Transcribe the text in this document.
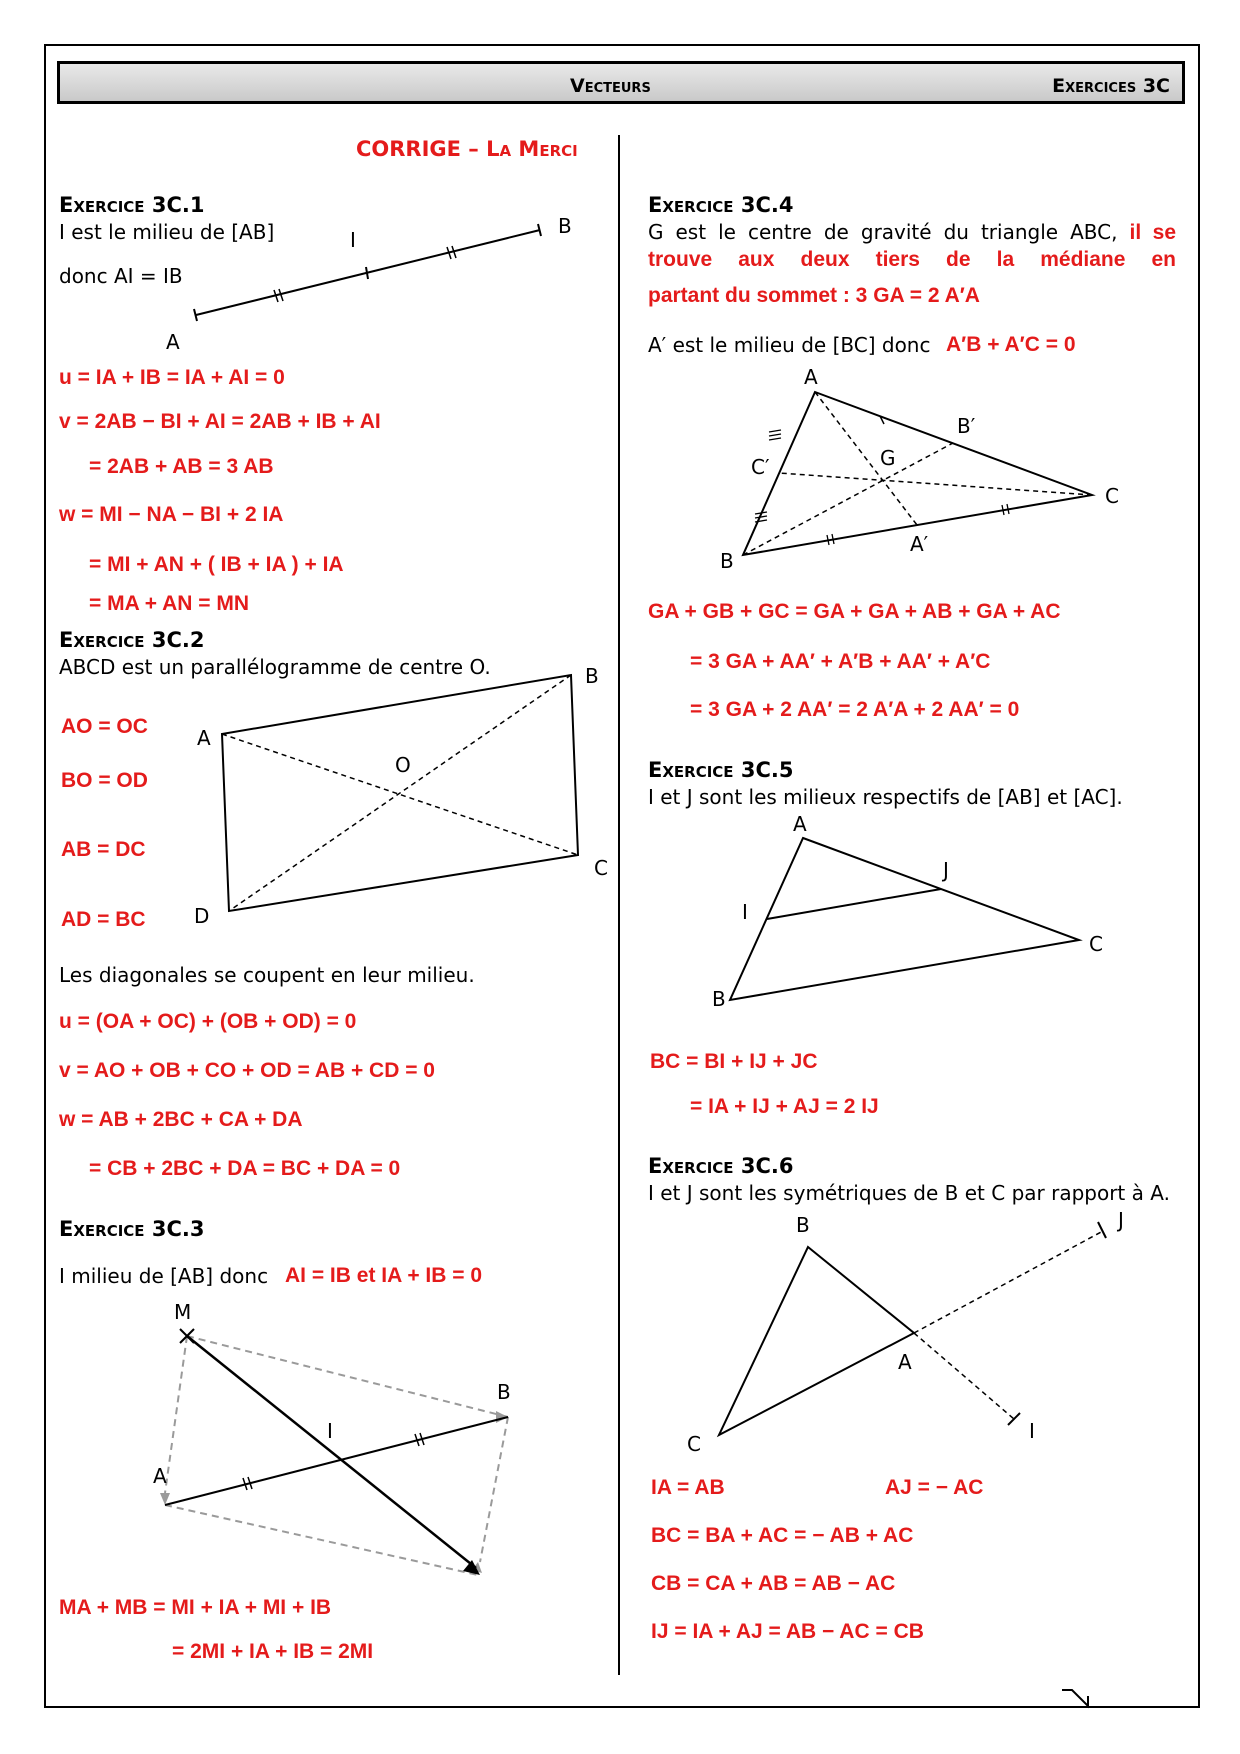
Vecteurs	Exercices 3C
CORRIGE – La Merci
Exercice 3C.1
I est le milieu de [AB]
donc AI = IB
A
B
I
u = IA + IB = IA + AI = 0
v = 2AB − BI + AI = 2AB + IB + AI
= 2AB + AB = 3 AB
w = MI − NA − BI + 2 IA
= MI + AN + ( IB + IA ) + IA
= MA + AN = MN
Exercice 3C.2
ABCD est un parallélogramme de centre O.
AO = OC
BO = OD
AB = DC
AD = BC
A
B
C
D
O
Les diagonales se coupent en leur milieu.
u = (OA + OC) + (OB + OD) = 0
v = AO + OB + CO + OD = AB + CD = 0
w = AB + 2BC + CA + DA
= CB + 2BC + DA = BC + DA = 0
Exercice 3C.3
I milieu de [AB] donc AI = IB et IA + IB = 0
M
A
B
I
MA + MB = MI + IA + MI + IB
= 2MI + IA + IB = 2MI
Exercice 3C.4
G est le centre de gravité du triangle ABC, il se
trouve aux deux tiers de la médiane en
partant du sommet : 3 GA = 2 A′A
A′ est le milieu de [BC] donc A′B + A′C = 0
A
B
C
G
A′
B′
C′
GA + GB + GC = GA + GA + AB + GA + AC
= 3 GA + AA′ + A′B + AA′ + A′C
= 3 GA + 2 AA′ = 2 A′A + 2 AA′ = 0
Exercice 3C.5
I et J sont les milieux respectifs de [AB] et [AC].
A
B
C
I
J
BC = BI + IJ + JC
= IA + IJ + AJ = 2 IJ
Exercice 3C.6
I et J sont les symétriques de B et C par rapport à A.
B
A
C
I
J
IA = AB	AJ = − AC
BC = BA + AC = − AB + AC
CB = CA + AB = AB − AC
IJ = IA + AJ = AB − AC = CB
